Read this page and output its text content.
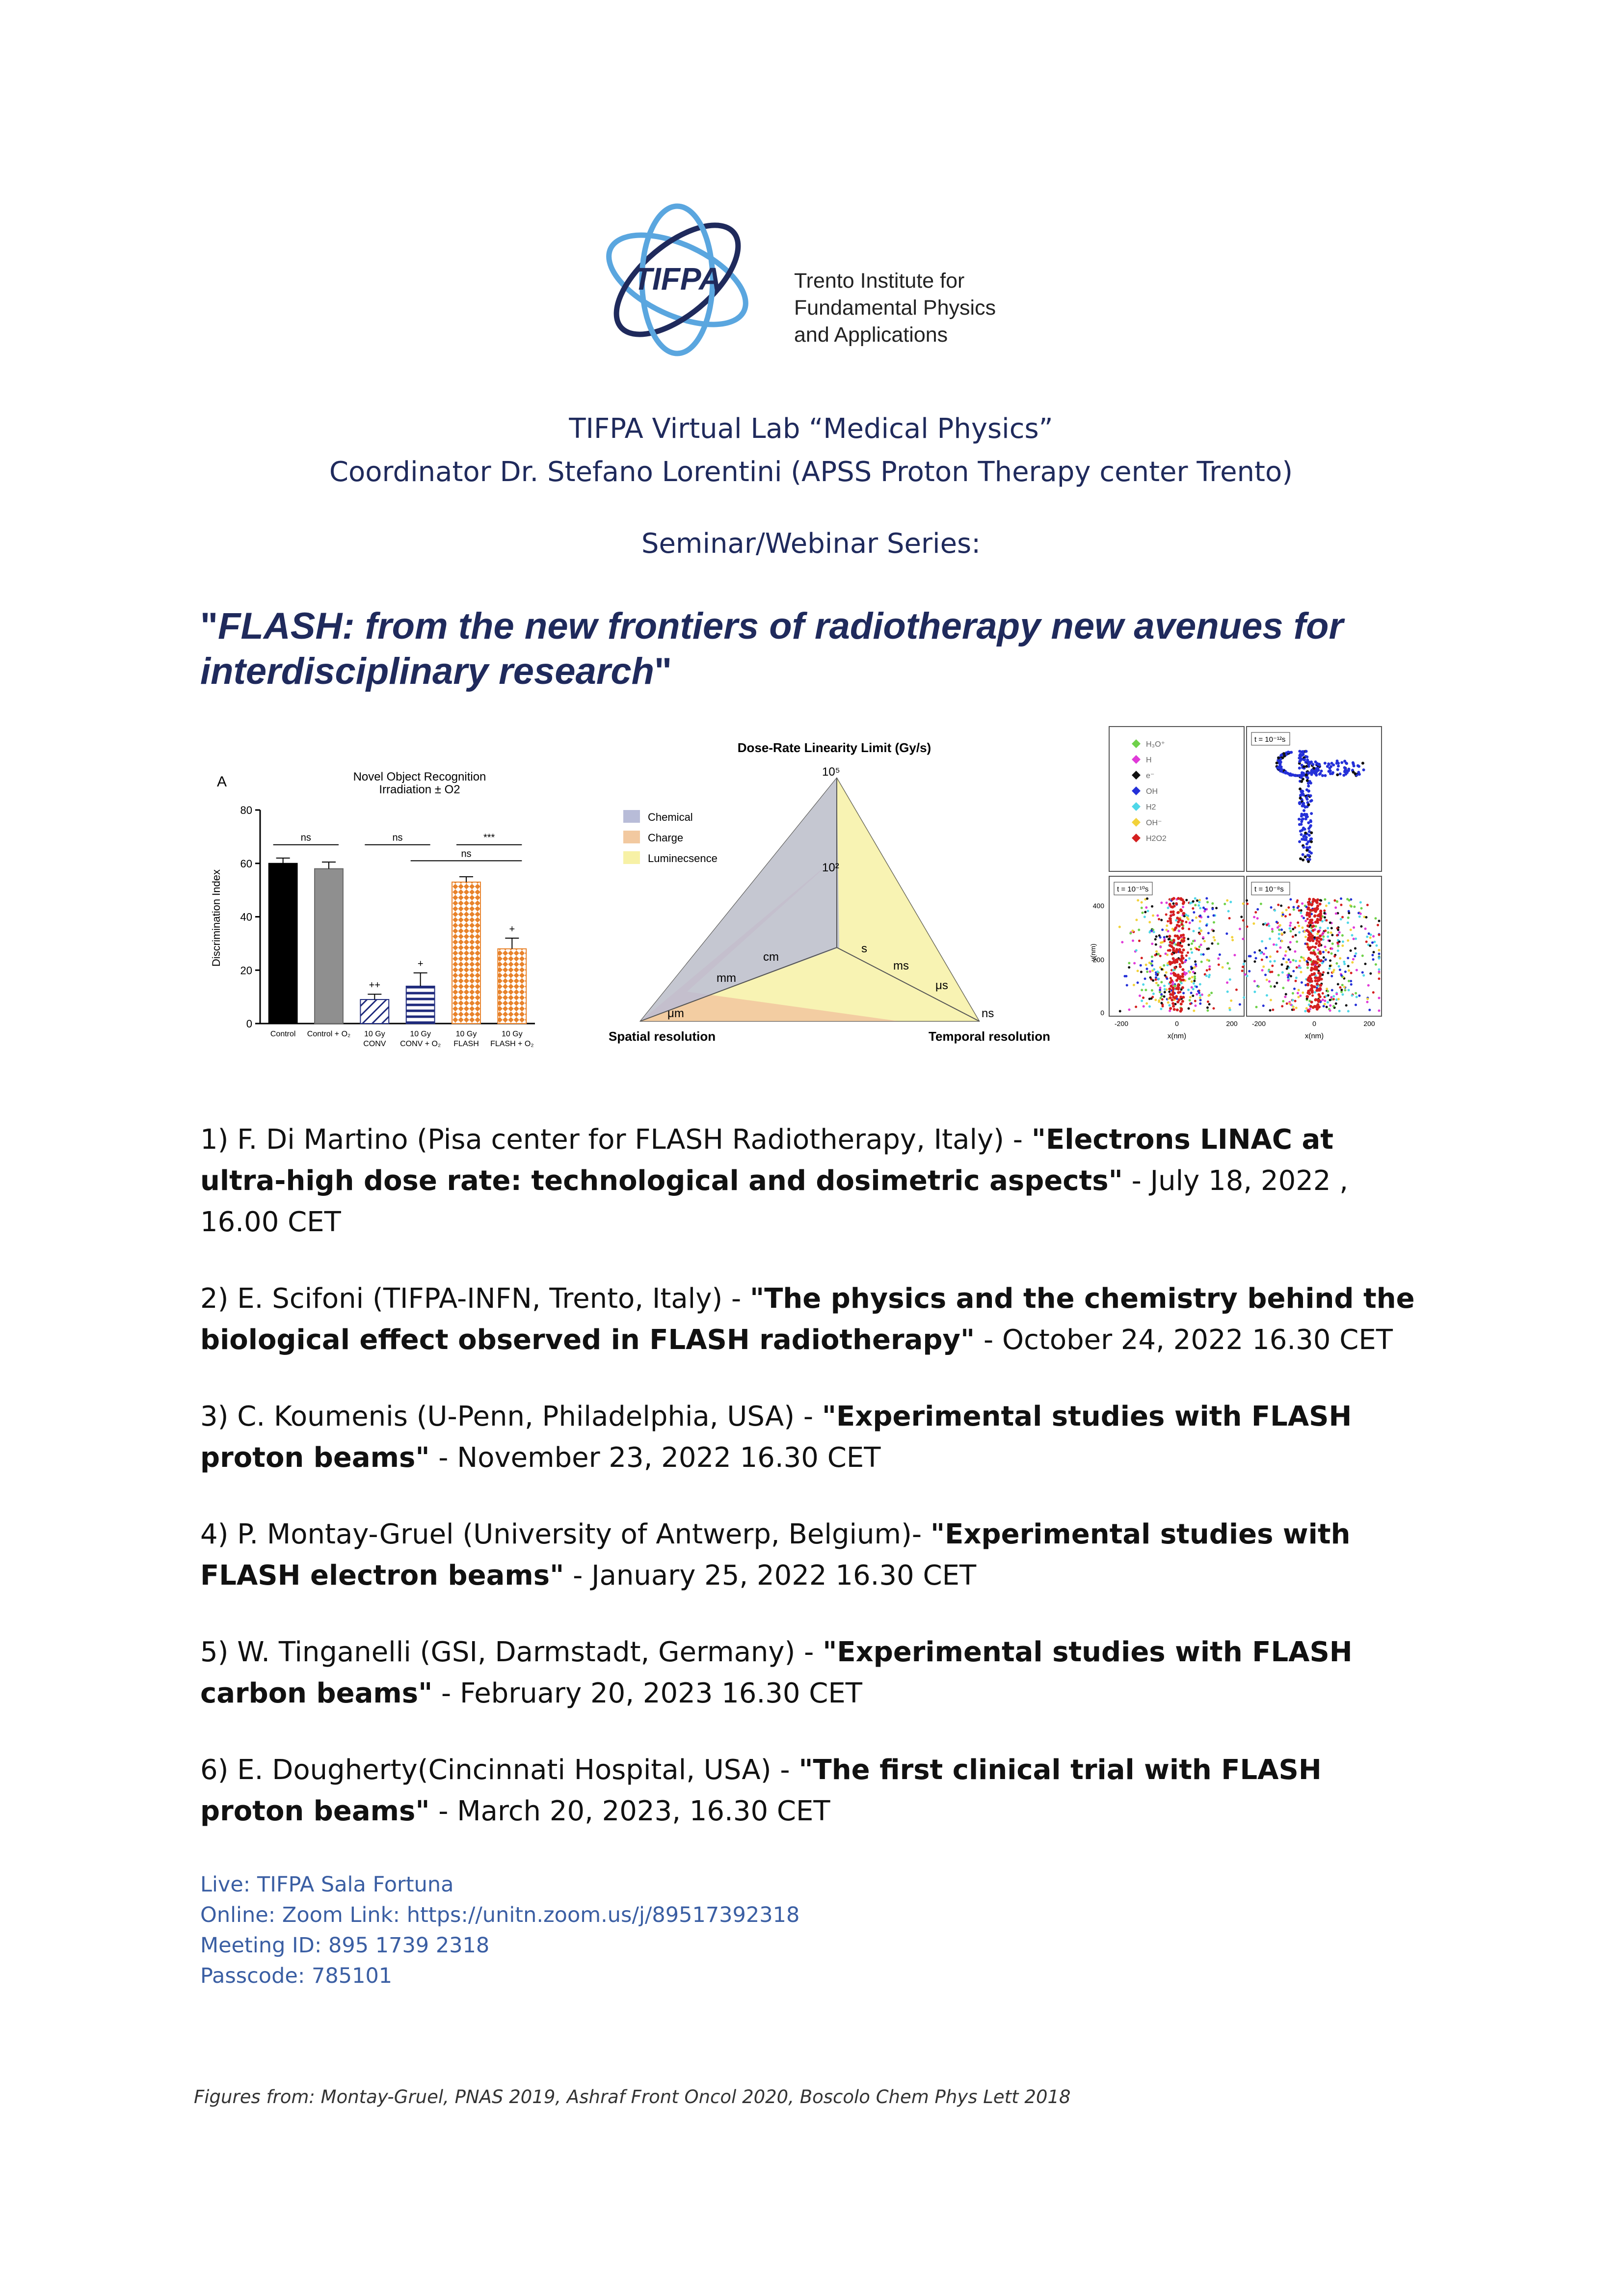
TIFPA	Trento Institute for
Fundamental Physics
and Applications
TIFPA Virtual Lab “Medical Physics”
Coordinator Dr. Stefano Lorentini (APSS Proton Therapy center Trento)
Seminar/Webinar Series:
"FLASH: from the new frontiers of radiotherapy new avenues for interdisciplinary research"
A	Novel Object Recognition
Irradiation ± O2
Discrimination Index
0
20
40
60
80
ns	ns	***
ns
++
+
+
Control Control + O₂ 10 Gy
CONV
10 Gy
CONV + O₂
10 Gy
FLASH
10 Gy
FLASH + O₂
Dose-Rate Linearity Limit (Gy/s)
Chemical
Charge
Luminecsence
10⁵
10²
cm
mm
μm
s
ms
μs
ns
Spatial resolution	Temporal resolution
H₃O⁺
H
e⁻
OH
H2
OH⁻
H2O2
t = 10⁻¹²s
t = 10⁻¹⁰s	t = 10⁻⁸s
400
200
0
y(nm)
-200	0	200 -200	0	200
x(nm)	x(nm)
1) F. Di Martino (Pisa center for FLASH Radiotherapy, Italy) - "Electrons LINAC at ultra-high dose rate: technological and dosimetric aspects" - July 18, 2022 , 16.00 CET
2) E. Scifoni (TIFPA-INFN, Trento, Italy) - "The physics and the chemistry behind the biological effect observed in FLASH radiotherapy" - October 24, 2022 16.30 CET
3) C. Koumenis (U-Penn, Philadelphia, USA) - "Experimental studies with FLASH proton beams" - November 23, 2022 16.30 CET
4) P. Montay-Gruel (University of Antwerp, Belgium)- "Experimental studies with FLASH electron beams" - January 25, 2022 16.30 CET
5) W. Tinganelli (GSI, Darmstadt, Germany) - "Experimental studies with FLASH carbon beams" - February 20, 2023 16.30 CET
6) E. Dougherty(Cincinnati Hospital, USA) - "The first clinical trial with FLASH proton beams" - March 20, 2023, 16.30 CET
Live: TIFPA Sala Fortuna
Online: Zoom Link: https://unitn.zoom.us/j/89517392318
Meeting ID: 895 1739 2318
Passcode: 785101
Figures from: Montay-Gruel, PNAS 2019, Ashraf Front Oncol 2020, Boscolo Chem Phys Lett 2018
